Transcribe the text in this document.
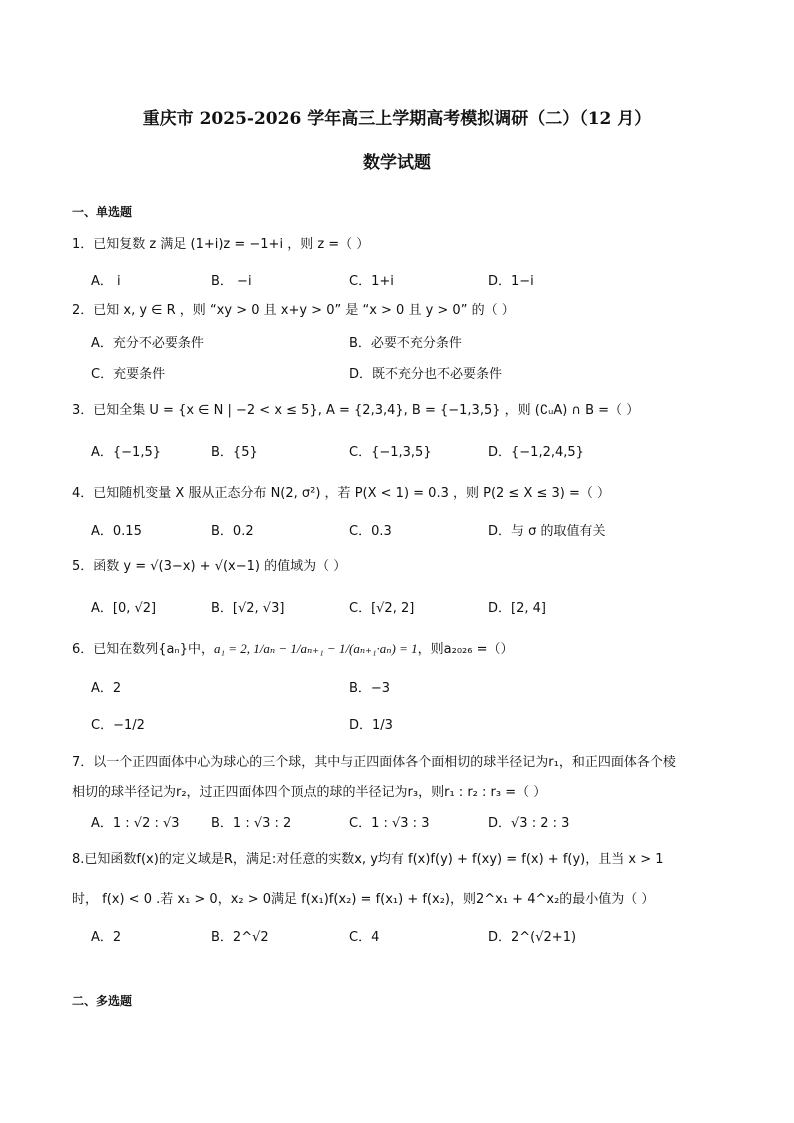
重庆市 2025-2026 学年高三上学期高考模拟调研（二）（12 月）
数学试题
一、单选题
1．已知复数 z 满足 (1+i)z = −1+i ，则 z =（ ）
A． i	B． −i	C．1+i	D．1−i
2．已知 x, y ∈ R ，则 “xy > 0 且 x+y > 0” 是 “x > 0 且 y > 0” 的（ ）
A．充分不必要条件	B．必要不充分条件
C．充要条件	D．既不充分也不必要条件
3．已知全集 U = {x ∈ N | −2 < x ≤ 5}, A = {2,3,4}, B = {−1,3,5} ，则 (∁ᵤA) ∩ B =（ ）
A．{−1,5}	B．{5}	C．{−1,3,5}	D．{−1,2,4,5}
4．已知随机变量 X 服从正态分布 N(2, σ²) ，若 P(X < 1) = 0.3 ，则 P(2 ≤ X ≤ 3) =（ ）
A．0.15	B．0.2	C．0.3	D．与 σ 的取值有关
5．函数 y = √(3−x) + √(x−1) 的值域为（ ）
A．[0, √2]	B．[√2, √3]	C．[√2, 2]	D．[2, 4]
6．已知在数列{aₙ}中，a₁ = 2, 1/aₙ − 1/aₙ₊₁ − 1/(aₙ₊₁·aₙ) = 1，则a₂₀₂₆ =（）
A．2	B．−3
C．−1/2	D．1/3
7．以一个正四面体中心为球心的三个球，其中与正四面体各个面相切的球半径记为r₁，和正四面体各个棱
相切的球半径记为r₂，过正四面体四个顶点的球的半径记为r₃，则r₁ : r₂ : r₃ =（ ）
A．1 : √2 : √3 B．1 : √3 : 2	C．1 : √3 : 3	D．√3 : 2 : 3
8.已知函数f(x)的定义域是R，满足:对任意的实数x, y均有 f(x)f(y) + f(xy) = f(x) + f(y)，且当 x > 1
时， f(x) < 0 .若 x₁ > 0，x₂ > 0满足 f(x₁)f(x₂) = f(x₁) + f(x₂)，则2^x₁ + 4^x₂的最小值为（ ）
A．2	B．2^√2	C．4	D．2^(√2+1)
二、多选题
